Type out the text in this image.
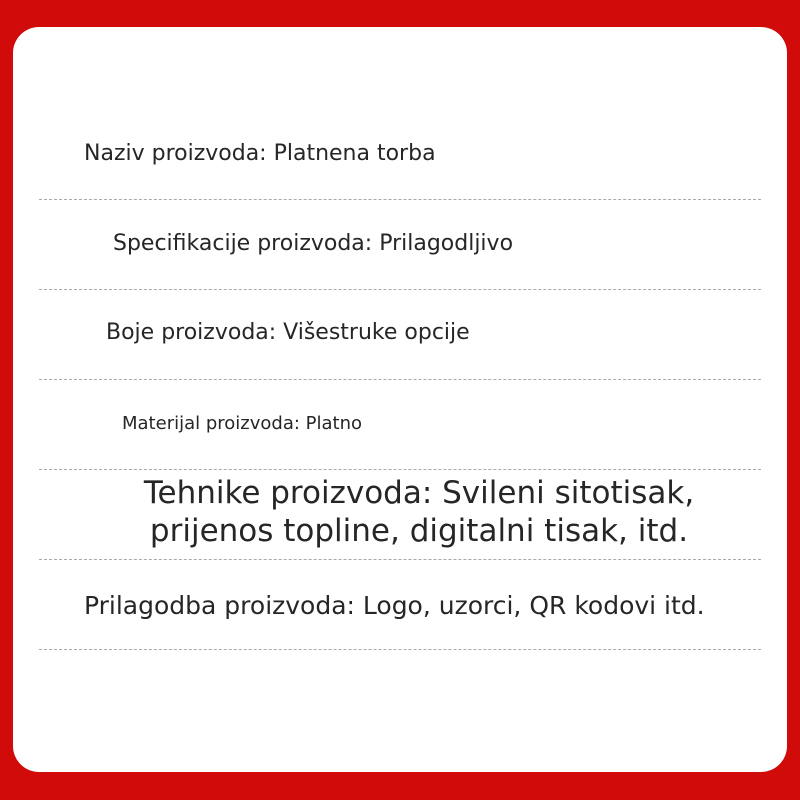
Naziv proizvoda: Platnena torba
Specifikacije proizvoda: Prilagodljivo
Boje proizvoda: Višestruke opcije
Materijal proizvoda: Platno
Tehnike proizvoda: Svileni sitotisak,
prijenos topline, digitalni tisak, itd.
Prilagodba proizvoda: Logo, uzorci, QR kodovi itd.
